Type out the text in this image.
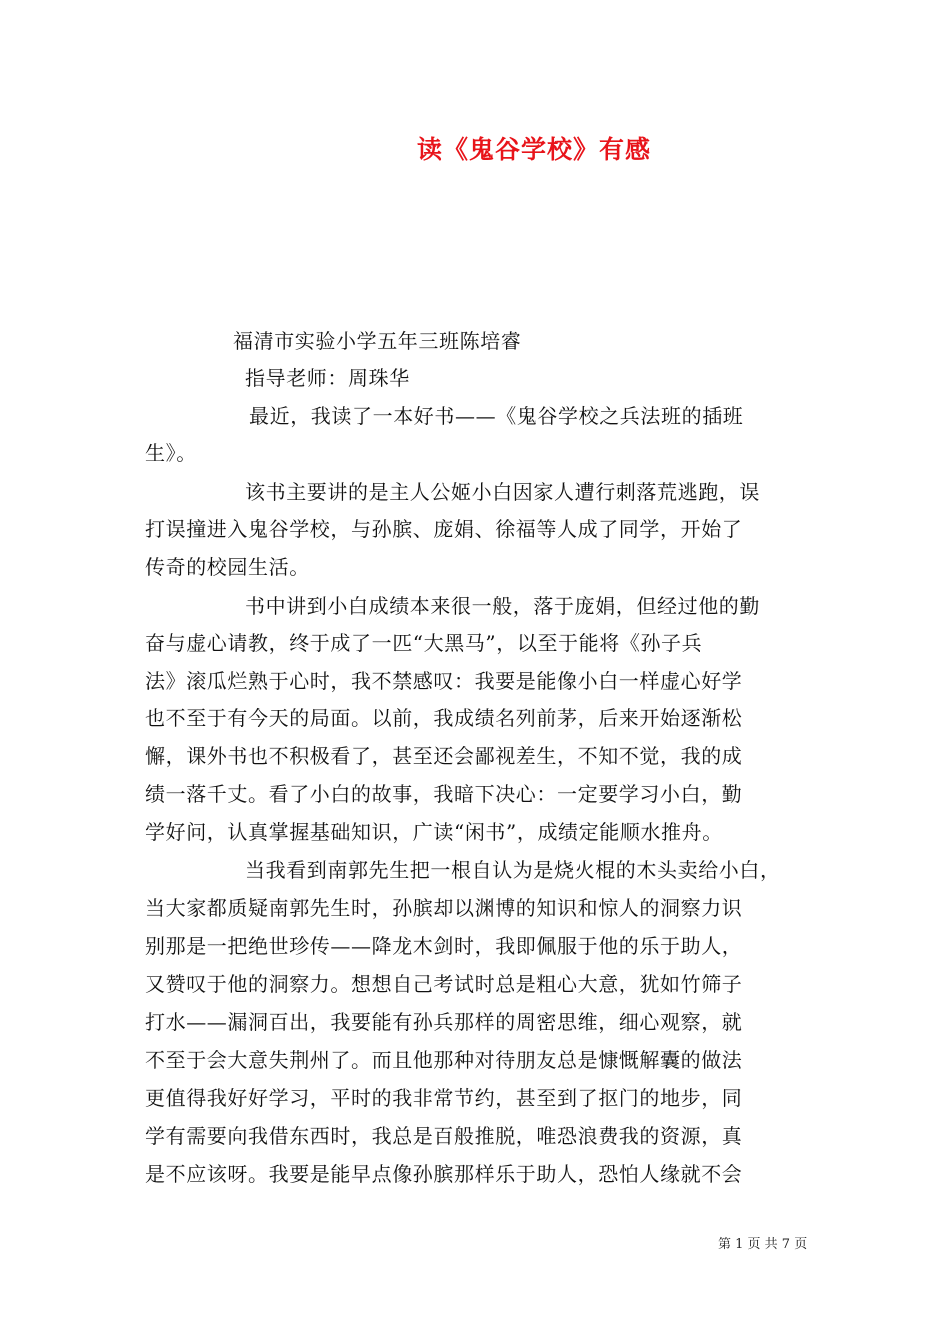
读《鬼谷学校》有感
福清市实验小学五年三班陈培睿
指导老师：周珠华
最近，我读了一本好书——《鬼谷学校之兵法班的插班
生》。
该书主要讲的是主人公姬小白因家人遭行刺落荒逃跑，误
打误撞进入鬼谷学校，与孙膑、庞娟、徐福等人成了同学，开始了
传奇的校园生活。
书中讲到小白成绩本来很一般，落于庞娟，但经过他的勤
奋与虚心请教，终于成了一匹“大黑马”，以至于能将《孙子兵
法》滚瓜烂熟于心时，我不禁感叹：我要是能像小白一样虚心好学
也不至于有今天的局面。以前，我成绩名列前茅，后来开始逐渐松
懈，课外书也不积极看了，甚至还会鄙视差生，不知不觉，我的成
绩一落千丈。看了小白的故事，我暗下决心：一定要学习小白，勤
学好问，认真掌握基础知识，广读“闲书”，成绩定能顺水推舟。
当我看到南郭先生把一根自认为是烧火棍的木头卖给小白，
当大家都质疑南郭先生时，孙膑却以渊博的知识和惊人的洞察力识
别那是一把绝世珍传——降龙木剑时，我即佩服于他的乐于助人，
又赞叹于他的洞察力。想想自己考试时总是粗心大意，犹如竹筛子
打水——漏洞百出，我要能有孙兵那样的周密思维，细心观察，就
不至于会大意失荆州了。而且他那种对待朋友总是慷慨解囊的做法
更值得我好好学习，平时的我非常节约，甚至到了抠门的地步，同
学有需要向我借东西时，我总是百般推脱，唯恐浪费我的资源，真
是不应该呀。我要是能早点像孙膑那样乐于助人，恐怕人缘就不会
第 1 页 共 7 页
